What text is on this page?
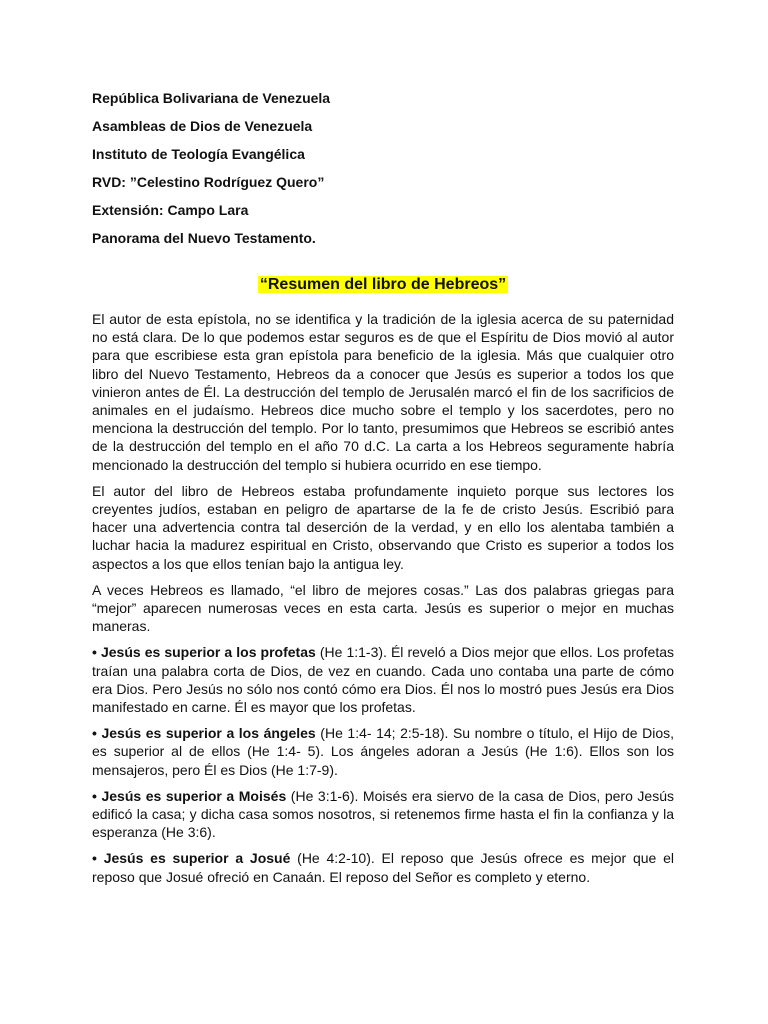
República Bolivariana de Venezuela
Asambleas de Dios de Venezuela
Instituto de Teología Evangélica
RVD: ”Celestino Rodríguez Quero”
Extensión: Campo Lara
Panorama del Nuevo Testamento.
“Resumen del libro de Hebreos”

El autor de esta epístola, no se identifica y la tradición de la iglesia acerca de su paternidad no está clara. De lo que podemos estar seguros es de que el Espíritu de Dios movió al autor para que escribiese esta gran epístola para beneficio de la iglesia. Más que cualquier otro libro del Nuevo Testamento, Hebreos da a conocer que Jesús es superior a todos los que vinieron antes de Él. La destrucción del templo de Jerusalén marcó el fin de los sacrificios de animales en el judaísmo. Hebreos dice mucho sobre el templo y los sacerdotes, pero no menciona la destrucción del templo. Por lo tanto, presumimos que Hebreos se escribió antes de la destrucción del templo en el año 70 d.C. La carta a los Hebreos seguramente habría mencionado la destrucción del templo si hubiera ocurrido en ese tiempo.

El autor del libro de Hebreos estaba profundamente inquieto porque sus lectores los creyentes judíos, estaban en peligro de apartarse de la fe de cristo Jesús. Escribió para hacer una advertencia contra tal deserción de la verdad, y en ello los alentaba también a luchar hacia la madurez espiritual en Cristo, observando que Cristo es superior a todos los aspectos a los que ellos tenían bajo la antigua ley.

A veces Hebreos es llamado, “el libro de mejores cosas.” Las dos palabras griegas para “mejor” aparecen numerosas veces en esta carta. Jesús es superior o mejor en muchas maneras.

• Jesús es superior a los profetas (He 1:1-3). Él reveló a Dios mejor que ellos. Los profetas traían una palabra corta de Dios, de vez en cuando. Cada uno contaba una parte de cómo era Dios. Pero Jesús no sólo nos contó cómo era Dios. Él nos lo mostró pues Jesús era Dios manifestado en carne. Él es mayor que los profetas.

• Jesús es superior a los ángeles (He 1:4- 14; 2:5-18). Su nombre o título, el Hijo de Dios, es superior al de ellos (He 1:4- 5). Los ángeles adoran a Jesús (He 1:6). Ellos son los mensajeros, pero Él es Dios (He 1:7-9).

• Jesús es superior a Moisés (He 3:1-6). Moisés era siervo de la casa de Dios, pero Jesús edificó la casa; y dicha casa somos nosotros, si retenemos firme hasta el fin la confianza y la esperanza (He 3:6).

• Jesús es superior a Josué (He 4:2-10). El reposo que Jesús ofrece es mejor que el reposo que Josué ofreció en Canaán. El reposo del Señor es completo y eterno.
